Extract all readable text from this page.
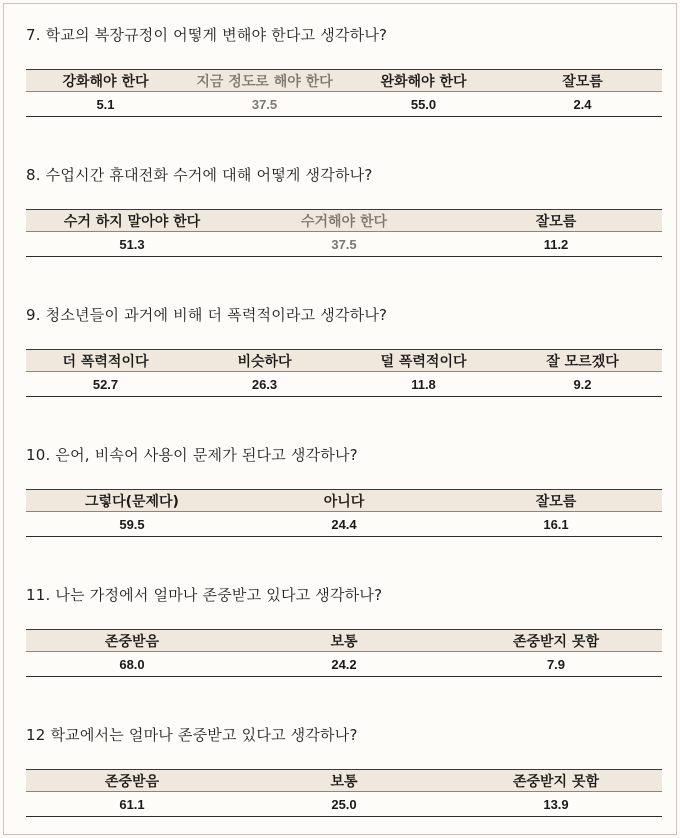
7. 학교의 복장규정이 어떻게 변해야 한다고 생각하나?
강화해야 한다	지금 정도로 해야 한다	완화해야 한다	잘모름
5.1	37.5	55.0	2.4
8. 수업시간 휴대전화 수거에 대해 어떻게 생각하나?
수거 하지 말아야 한다	수거해야 한다	잘모름
51.3	37.5	11.2
9. 청소년들이 과거에 비해 더 폭력적이라고 생각하나?
더 폭력적이다	비슷하다	덜 폭력적이다	잘 모르겠다
52.7	26.3	11.8	9.2
10. 은어, 비속어 사용이 문제가 된다고 생각하나?
그렇다(문제다)	아니다	잘모름
59.5	24.4	16.1
11. 나는 가정에서 얼마나 존중받고 있다고 생각하나?
존중받음	보통	존중받지 못함
68.0	24.2	7.9
12 학교에서는 얼마나 존중받고 있다고 생각하나?
존중받음	보통	존중받지 못함
61.1	25.0	13.9
